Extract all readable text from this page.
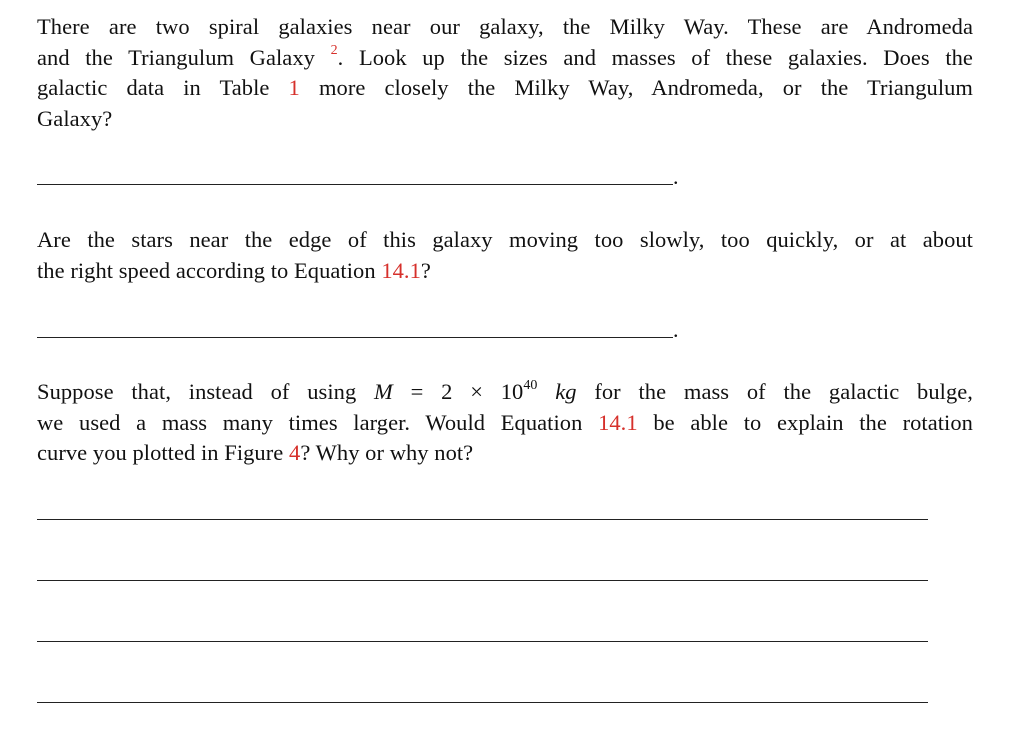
There are two spiral galaxies near our galaxy, the Milky Way. These are Andromeda
and the Triangulum Galaxy $^2$. Look up the sizes and masses of these galaxies. Does the
galactic data in Table 1 more closely the Milky Way, Andromeda, or the Triangulum
Galaxy?
.
Are the stars near the edge of this galaxy moving too slowly, too quickly, or at about
the right speed according to Equation 14.1?
.
Suppose that, instead of using $M = 2 \times 10^{40}$ kg for the mass of the galactic bulge,
we used a mass many times larger. Would Equation 14.1 be able to explain the rotation
curve you plotted in Figure 4? Why or why not?
